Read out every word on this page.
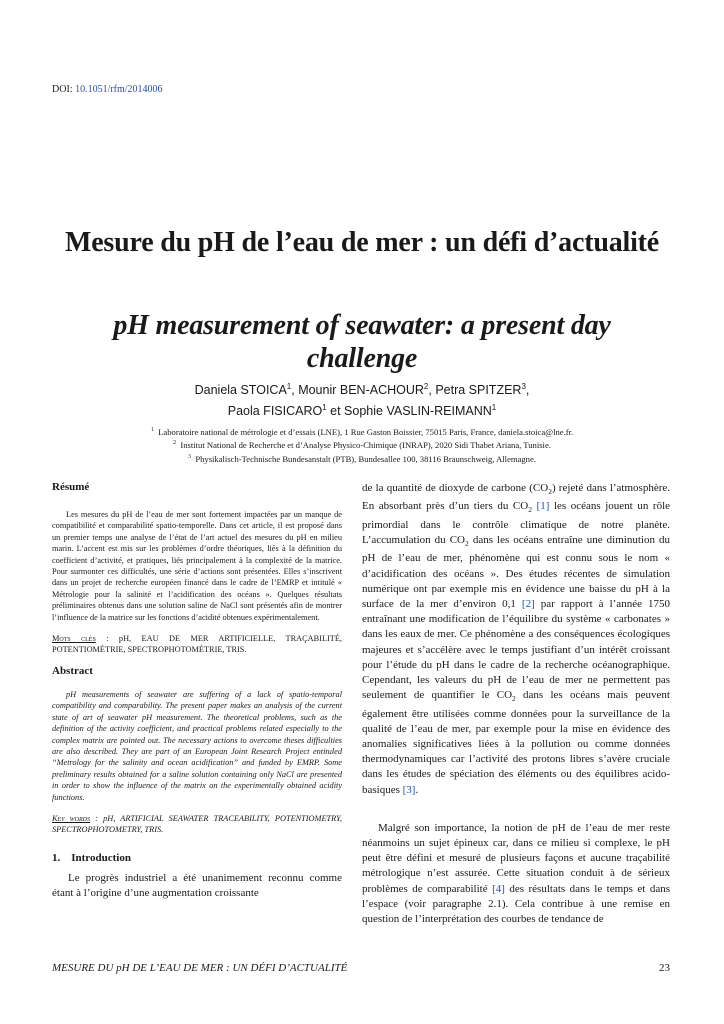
DOI: 10.1051/rfm/2014006
Mesure du pH de l’eau de mer : un défi d’actualité
pH measurement of seawater: a present day challenge
Daniela STOICA$^1$, Mounir BEN-ACHOUR$^2$, Petra SPITZER$^3$,
Paola FISICARO$^1$ et Sophie VASLIN-REIMANN$^1$
$^1$ Laboratoire national de métrologie et d’essais (LNE), 1 Rue Gaston Boissier, 75015 Paris, France, daniela.stoica@lne.fr.
$^2$ Institut National de Recherche et d’Analyse Physico-Chimique (INRAP), 2020 Sidi Thabet Ariana, Tunisie.
$^3$ Physikalisch-Technische Bundesanstalt (PTB), Bundesallee 100, 38116 Braunschweig, Allemagne.

Résumé

Les mesures du pH de l’eau de mer sont fortement impactées par un manque de compatibilité et comparabilité spatio-temporelle. Dans cet article, il est proposé dans un premier temps une analyse de l’état de l’art actuel des mesures du pH en milieu marin. L’accent est mis sur les problèmes d’ordre théoriques, liés à la définition du coefficient d’activité, et pratiques, liés principalement à la complexité de la matrice. Pour surmonter ces difficultés, une série d’actions sont présentées. Elles s’inscrivent dans un projet de recherche européen financé dans le cadre de l’EMRP et intitulé « Métrologie pour la salinité et l’acidification des océans ». Quelques résultats préliminaires obtenus dans une solution saline de NaCl sont présentés afin de montrer l’influence de la matrice sur les fonctions d’acidité obtenues expérimentalement.

Mots clés : pH, EAU DE MER ARTIFICIELLE, TRAÇABILITÉ, POTENTIOMÉTRIE, SPECTROPHOTOMÉTRIE, TRIS.

Abstract

pH measurements of seawater are suffering of a lack of spatio-temporal compatibility and comparability. The present paper makes an analysis of the current state of art of seawater pH measurement. The theoretical problems, such as the definition of the activity coefficient, and practical problems related especially to the complex matrix are pointed out. The necessary actions to overcome theses difficulties are also described. They are part of an European Joint Research Project entituled “Metrology for the salinity and ocean acidification” and funded by EMRP. Some preliminary results obtained for a saline solution containing only NaCl are presented in order to show the influence of the matrix on the experimentally obtained acidity functions.

Key words : pH, ARTIFICIAL SEAWATER TRACEABILITY, POTENTIOMETRY, SPECTROPHOTOMETRY, TRIS.

1.    Introduction

Le progrès industriel a été unanimement reconnu comme étant à l’origine d’une augmentation croissante

de la quantité de dioxyde de carbone $(CO_2)$ rejeté dans l’atmosphère. En absorbant près d’un tiers du $CO_2$ [1] les océans jouent un rôle primordial dans le contrôle climatique de notre planète. L’accumulation du $CO_2$ dans les océans entraîne une diminution du pH de l’eau de mer, phénomène qui est connu sous le nom « d’acidification des océans ». Des études récentes de simulation numérique ont par exemple mis en évidence une baisse du pH à la surface de la mer d’environ 0,1 [2] par rapport à l’année 1750 entraînant une modification de l’équilibre du système « carbonates » dans les eaux de mer. Ce phénomène a des conséquences écologiques majeures et s’accélère avec le temps justifiant d’un intérêt croissant pour l’étude du pH dans le cadre de la recherche océanographique. Cependant, les valeurs du pH de l’eau de mer ne permettent pas seulement de quantifier le $CO_2$ dans les océans mais peuvent également être utilisées comme données pour la surveillance de la qualité de l’eau de mer, par exemple pour la mise en évidence des anomalies significatives liées à la pollution ou comme données thermodynamiques car l’activité des protons libres s’avère cruciale dans les études de spéciation des éléments ou des équilibres acido-basiques [3].

Malgré son importance, la notion de pH de l’eau de mer reste néanmoins un sujet épineux car, dans ce milieu si complexe, le pH peut être défini et mesuré de plusieurs façons et aucune traçabilité métrologique n’est assurée. Cette situation conduit à de sérieux problèmes de comparabilité [4] des résultats dans le temps et dans l’espace (voir paragraphe 2.1). Cela contribue à une remise en question de l’interprétation des courbes de tendance de

MESURE DU pH DE L’EAU DE MER : UN DÉFI D’ACTUALITÉ	23
